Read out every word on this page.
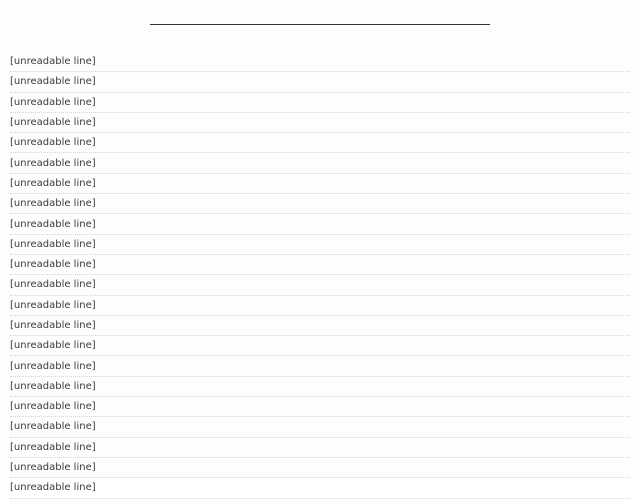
[unreadable line]
[unreadable line]
[unreadable line]
[unreadable line]
[unreadable line]
[unreadable line]
[unreadable line]
[unreadable line]
[unreadable line]
[unreadable line]
[unreadable line]
[unreadable line]
[unreadable line]
[unreadable line]
[unreadable line]
[unreadable line]
[unreadable line]
[unreadable line]
[unreadable line]
[unreadable line]
[unreadable line]
[unreadable line]
